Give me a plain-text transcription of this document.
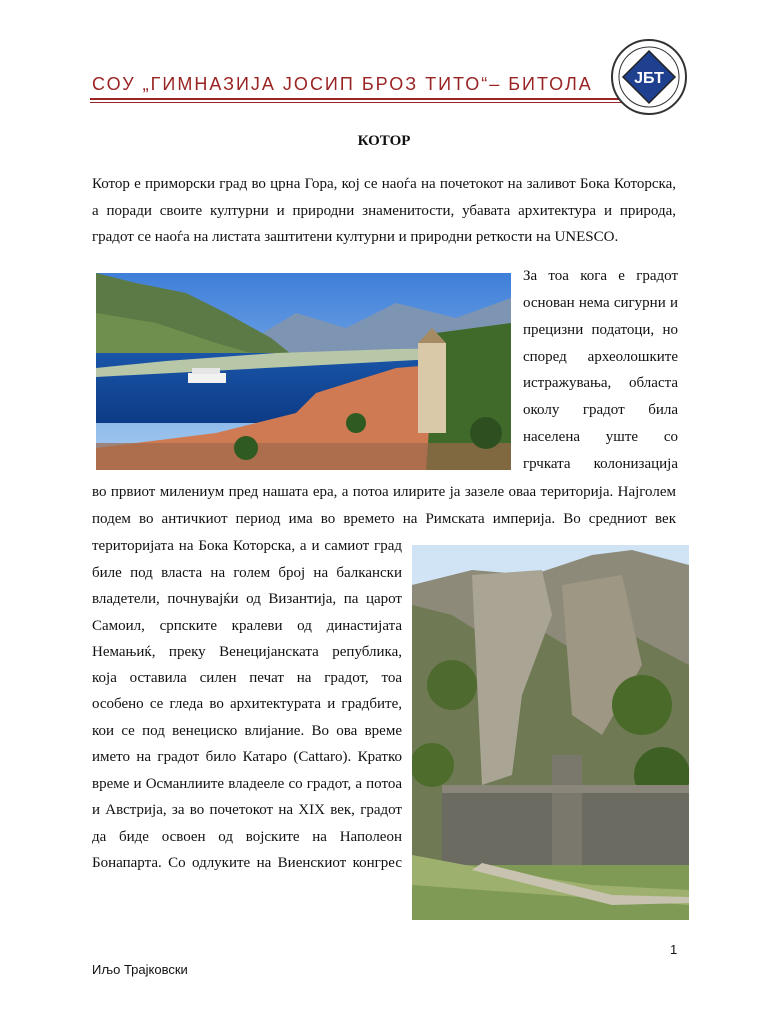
СОУ „ГИМНАЗИЈА ЈОСИП БРОЗ ТИТО“– БИТОЛА	ЈБТ
КОТОР
Котор е приморски град во црна Гора, кој се наоѓа на почетокот на заливот Бока Которска,
а поради своите културни и природни знаменитости, убавата архитектура и природа,
градот се наоѓа на листата заштитени културни и природни реткости на UNESCO.
За тоа кога е градот
основан нема сигурни и
прецизни податоци, но
според археолошките
истражувања, областа
околу градот била
населена уште со
грчката колонизација
во првиот милениум пред нашата ера, а потоа илирите ја зазеле оваа територија. Најголем
подем во античкиот период има во времето на Римската империја. Во средниот век
територијата на Бока Которска, а и самиот град
биле под власта на голем број на балкански
владетели, почнувајќи од Византија, па царот
Самоил, српските кралеви од династијата
Немањиќ, преку Венецијанската република,
која оставила силен печат на градот, тоа
особено се гледа во архитектурата и градбите,
кои се под венециско влијание. Во ова време
името на градот било Катаро (Cattaro). Кратко
време и Османлиите владееле со градот, а потоа
и Австрија, за во почетокот на XIX век, градот
да биде освоен од војските на Наполеон
Бонапарта. Со одлуките на Виенскиот конгрес
1
Иљо Трајковски
